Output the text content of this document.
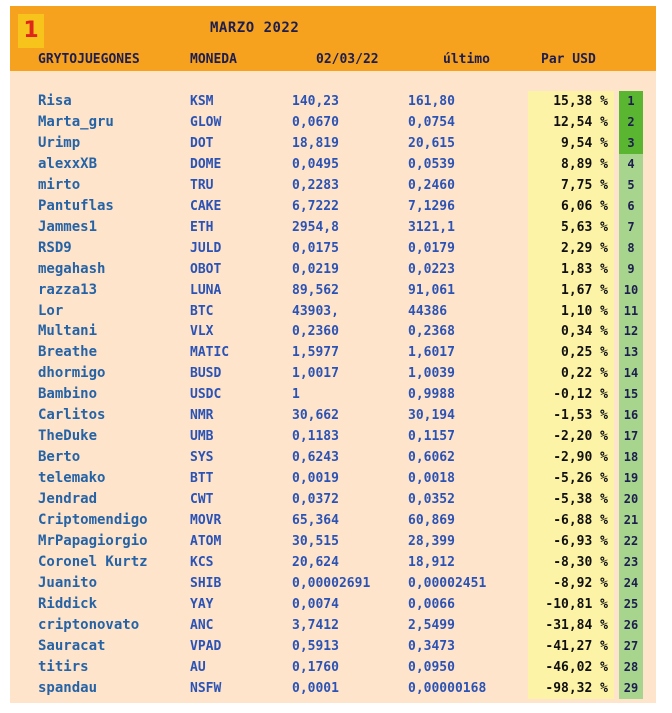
1	MARZO 2022
GRYTOJUEGONES	MONEDA	02/03/22	último	Par USD
Risa	KSM	140,23	161,80	15,38 %	1
Marta_gru	GLOW	0,0670	0,0754	12,54 %	2
Urimp	DOT	18,819	20,615	9,54 %	3
alexxXB	DOME	0,0495	0,0539	8,89 %	4
mirto	TRU	0,2283	0,2460	7,75 %	5
Pantuflas	CAKE	6,7222	7,1296	6,06 %	6
Jammes1	ETH	2954,8	3121,1	5,63 %	7
RSD9	JULD	0,0175	0,0179	2,29 %	8
megahash	OBOT	0,0219	0,0223	1,83 %	9
razza13	LUNA	89,562	91,061	1,67 %	10
Lor	BTC	43903,	44386	1,10 %	11
Multani	VLX	0,2360	0,2368	0,34 %	12
Breathe	MATIC	1,5977	1,6017	0,25 %	13
dhormigo	BUSD	1,0017	1,0039	0,22 %	14
Bambino	USDC	1	0,9988	-0,12 %	15
Carlitos	NMR	30,662	30,194	-1,53 %	16
TheDuke	UMB	0,1183	0,1157	-2,20 %	17
Berto	SYS	0,6243	0,6062	-2,90 %	18
telemako	BTT	0,0019	0,0018	-5,26 %	19
Jendrad	CWT	0,0372	0,0352	-5,38 %	20
Criptomendigo	MOVR	65,364	60,869	-6,88 %	21
MrPapagiorgio	ATOM	30,515	28,399	-6,93 %	22
Coronel Kurtz	KCS	20,624	18,912	-8,30 %	23
Juanito	SHIB	0,00002691	0,00002451	-8,92 %	24
Riddick	YAY	0,0074	0,0066	-10,81 %	25
criptonovato	ANC	3,7412	2,5499	-31,84 %	26
Sauracat	VPAD	0,5913	0,3473	-41,27 %	27
titirs	AU	0,1760	0,0950	-46,02 %	28
spandau	NSFW	0,0001	0,00000168	-98,32 %	29
